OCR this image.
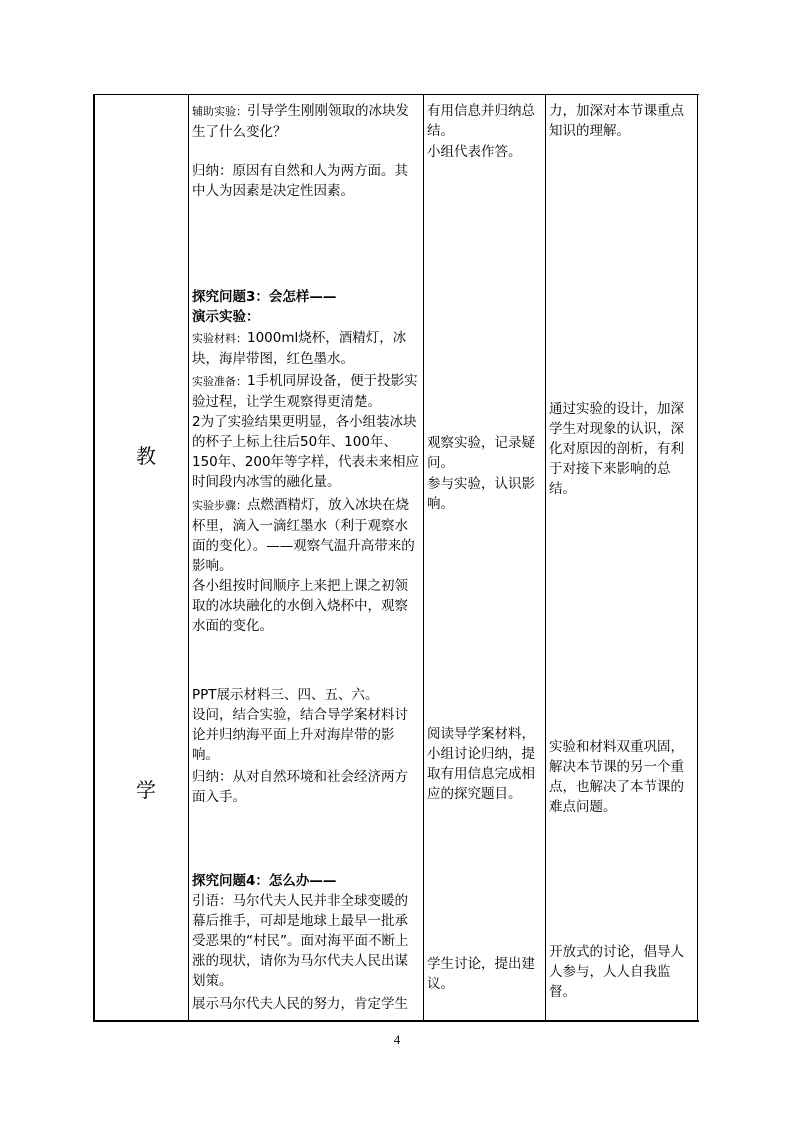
教
学
辅助实验：引导学生刚刚领取的冰块发生了什么变化？

归纳：原因有自然和人为两方面。其中人为因素是决定性因素。

探究问题3：会怎样——

演示实验：

实验材料：1000ml烧杯，酒精灯，冰块，海岸带图，红色墨水。
实验准备：1手机同屏设备，便于投影实验过程，让学生观察得更清楚。

2为了实验结果更明显，各小组装冰块的杯子上标上往后50年、100年、150年、200年等字样，代表未来相应时间段内冰雪的融化量。

实验步骤：点燃酒精灯，放入冰块在烧杯里，滴入一滴红墨水（利于观察水面的变化）。——观察气温升高带来的影响。

各小组按时间顺序上来把上课之初领取的冰块融化的水倒入烧杯中，观察水面的变化。

PPT展示材料三、四、五、六。

设问，结合实验，结合导学案材料讨论并归纳海平面上升对海岸带的影响。

归纳：从对自然环境和社会经济两方面入手。

探究问题4：怎么办——

引语：马尔代夫人民并非全球变暖的幕后推手，可却是地球上最早一批承受恶果的“村民”。面对海平面不断上涨的现状，请你为马尔代夫人民出谋划策。

展示马尔代夫人民的努力，肯定学生

有用信息并归纳总结。

小组代表作答。

观察实验，记录疑问。

参与实验，认识影响。

阅读导学案材料，小组讨论归纳，提取有用信息完成相应的探究题目。

学生讨论，提出建议。

力，加深对本节课重点知识的理解。

通过实验的设计，加深学生对现象的认识，深化对原因的剖析，有利于对接下来影响的总结。

实验和材料双重巩固，解决本节课的另一个重点，也解决了本节课的难点问题。

开放式的讨论，倡导人人参与，人人自我监督。

4
